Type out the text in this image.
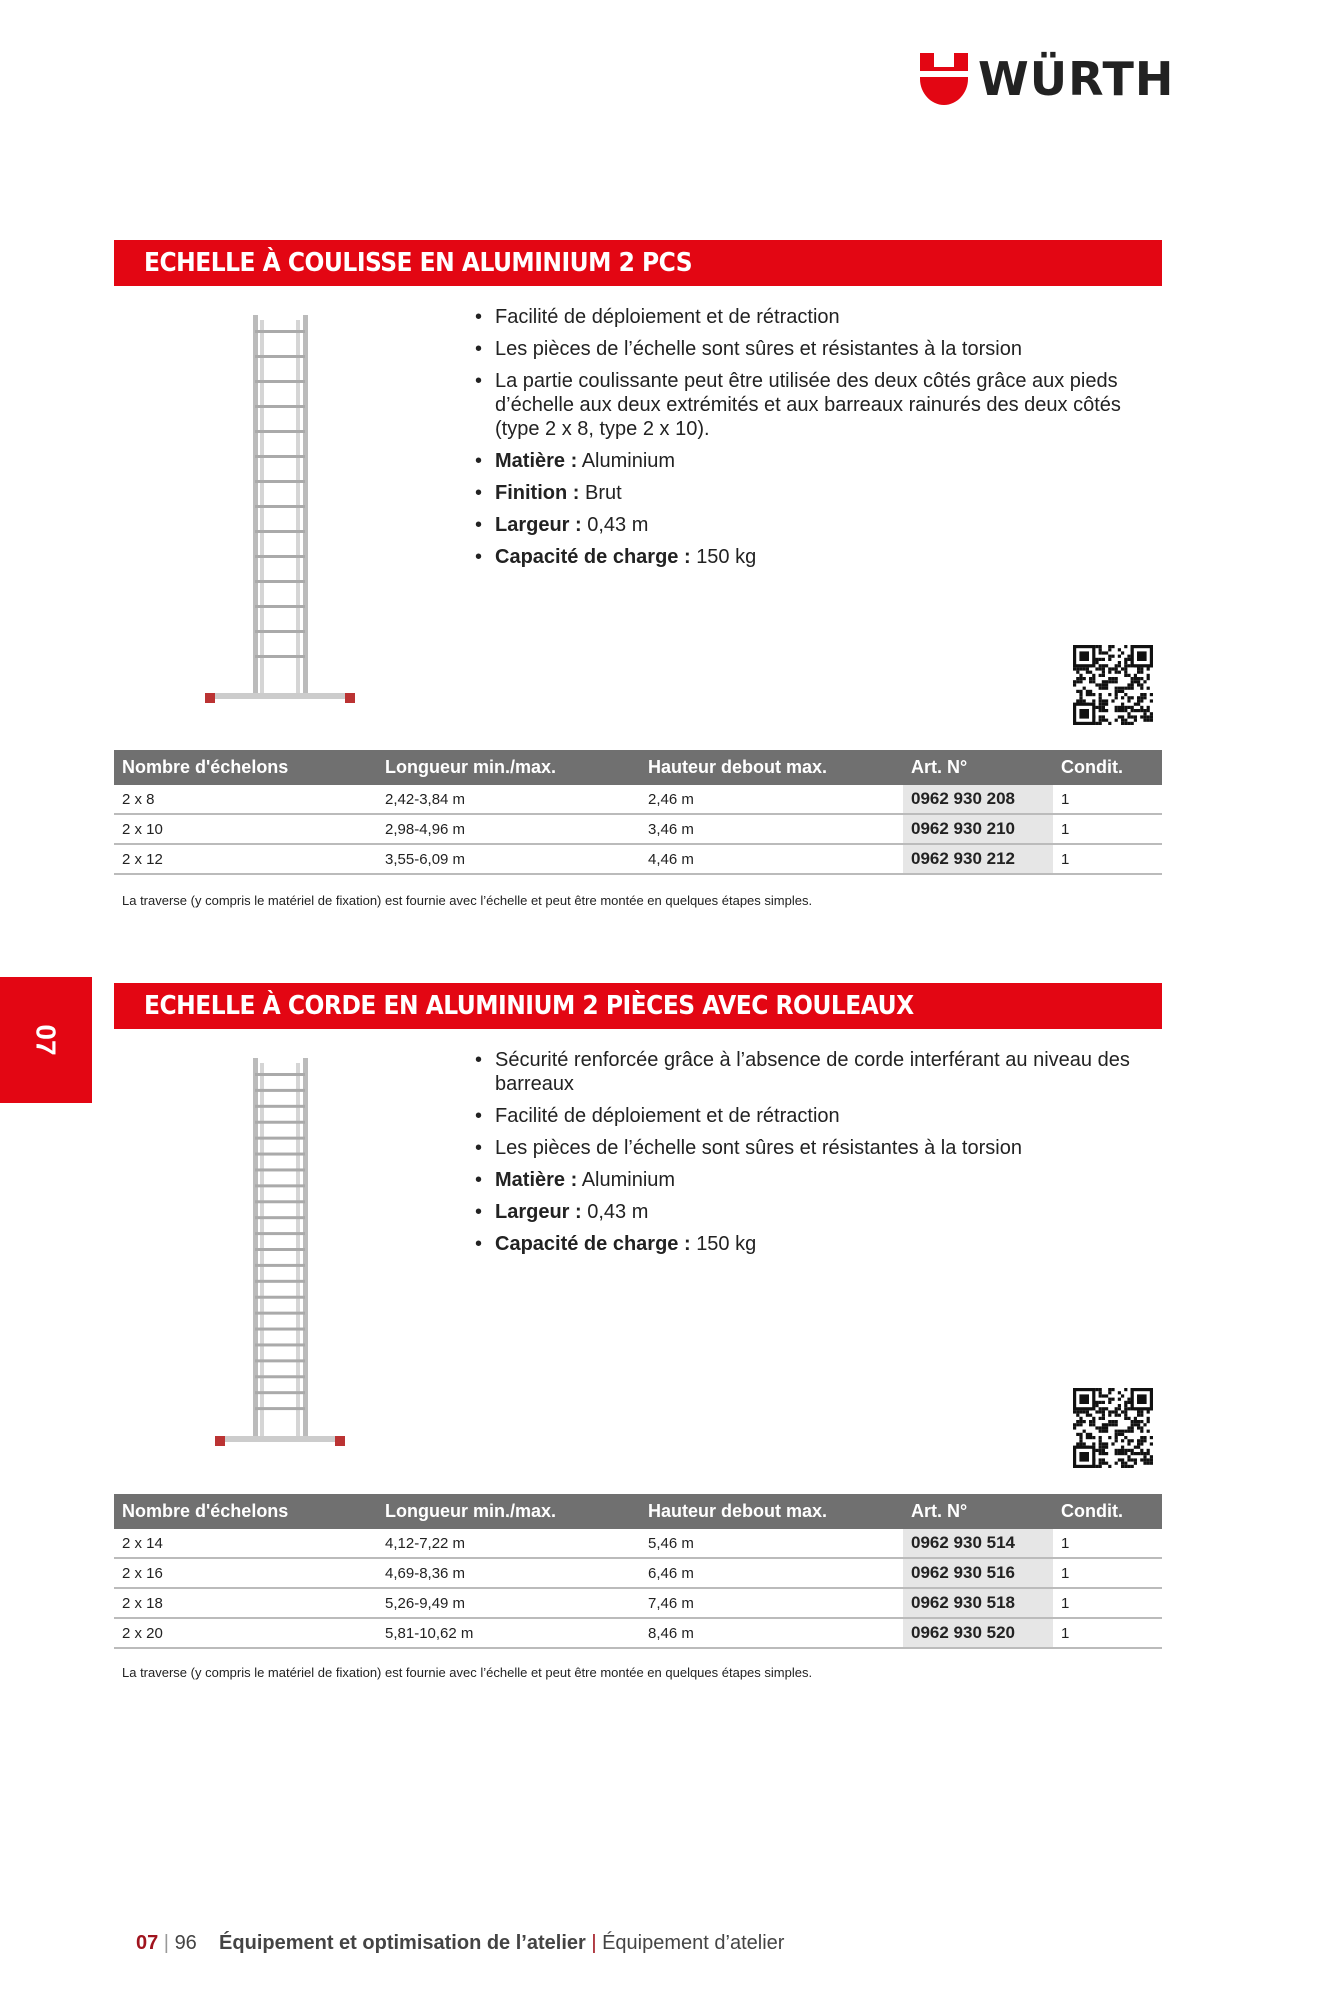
WÜRTH
07
ECHELLE À COULISSE EN ALUMINIUM 2 PCS
• Facilité de déploiement et de rétraction
• Les pièces de l’échelle sont sûres et résistantes à la torsion
• La partie coulissante peut être utilisée des deux côtés grâce aux pieds d’échelle aux deux extrémités et aux barreaux rainurés des deux côtés (type 2 x 8, type 2 x 10).
• Matière : Aluminium
• Finition : Brut
• Largeur : 0,43 m
• Capacité de charge : 150 kg
Nombre d'échelons	Longueur min./max.	Hauteur debout max.	Art. N°	Condit.
2 x 8	2,42-3,84 m	2,46 m	0962 930 208	1
2 x 10	2,98-4,96 m	3,46 m	0962 930 210	1
2 x 12	3,55-6,09 m	4,46 m	0962 930 212	1
La traverse (y compris le matériel de fixation) est fournie avec l’échelle et peut être montée en quelques étapes simples.
ECHELLE À CORDE EN ALUMINIUM 2 PIÈCES AVEC ROULEAUX
• Sécurité renforcée grâce à l’absence de corde interférant au niveau des barreaux
• Facilité de déploiement et de rétraction
• Les pièces de l’échelle sont sûres et résistantes à la torsion
• Matière : Aluminium
• Largeur : 0,43 m
• Capacité de charge : 150 kg
Nombre d'échelons	Longueur min./max.	Hauteur debout max.	Art. N°	Condit.
2 x 14	4,12-7,22 m	5,46 m	0962 930 514	1
2 x 16	4,69-8,36 m	6,46 m	0962 930 516	1
2 x 18	5,26-9,49 m	7,46 m	0962 930 518	1
2 x 20	5,81-10,62 m	8,46 m	0962 930 520	1
La traverse (y compris le matériel de fixation) est fournie avec l’échelle et peut être montée en quelques étapes simples.
07 | 96 Équipement et optimisation de l’atelier | Équipement d’atelier
